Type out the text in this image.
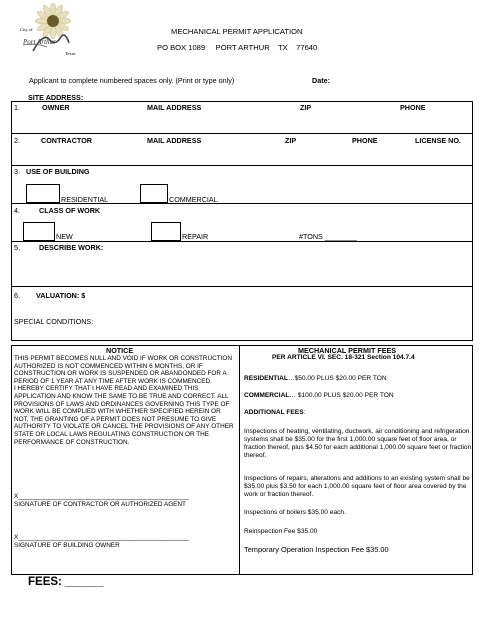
City of
Port Arthur
Texas
MECHANICAL PERMIT APPLICATION
PO BOX 1089     PORT ARTHUR    TX    77640
Applicant to complete numbered spaces only. (Print or type only)	Date:
SITE ADDRESS:
1.	OWNER	MAIL ADDRESS	ZIP	PHONE
2.	CONTRACTOR	MAIL ADDRESS	ZIP	PHONE	LICENSE NO.
3. USE OF BUILDING
RESIDENTIAL	COMMERCIAL
4.	CLASS OF WORK
NEW	REPAIR	#TONS ________
5.	DESCRIBE WORK:
6. VALUATION: $
SPECIAL CONDITIONS:
NOTICE
THIS PERMIT BECOMES NULL AND VOID IF WORK OR CONSTRUCTION AUTHORIZED IS NOT COMMENCED WITHIN 6 MONTHS, OR IF CONSTRUCTION OR WORK IS SUSPENDED OR ABANDONDED FOR A PERIOD OF 1 YEAR AT ANY TIME AFTER WORK IS COMMENCED.
I HEREBY CERTIFY THAT I HAVE READ AND EXAMINED THIS APPLICATION AND KNOW THE SAME TO BE TRUE AND CORRECT. ALL PROVISIONS OF LAWS AND ORDINANCES GOVERNING THIS TYPE OF WORK WILL BE COMPLIED WITH WHETHER SPECIFIED HEREIN OR NOT. THE GRANTING OF A PERMIT DOES NOT PRESUME TO GIVE AUTHORITY TO VIOLATE OR CANCEL THE PROVISIONS OF ANY OTHER STATE OR LOCAL LAWS REGULATING CONSTRUCTION OR THE PERFORMANCE OF CONSTRUCTION.
X________________________________________________
SIGNATURE OF CONTRACTOR OR AUTHORIZED AGENT
X________________________________________________
SIGNATURE OF BUILDING OWNER
MECHANICAL PERMIT FEES
PER ARTICLE VI. SEC. 18-321 Section 104.7.4
RESIDENTIAL…$50.00 PLUS $20.00 PER TON
COMMERCIAL… $100.00 PLUS $20.00 PER TON
ADDITIONAL FEES:
Inspections of heating, ventilating, ductwork, air conditioning and refrigeration systems shall be $35.00 for the first 1,000.00 square feet of floor area, or fraction thereof, plus $4.50 for each additional 1,000.00 square feet or fraction thereof.
Inspections of repairs, alterations and additions to an existing system shall be $35.00 plus $3.50 for each 1,000.00 square feet of floor area covered by the work or fraction thereof.
Inspections of boilers $35.00 each.
Reinspection Fee $35.00
Temporary Operation Inspection Fee $35.00
FEES: ______
